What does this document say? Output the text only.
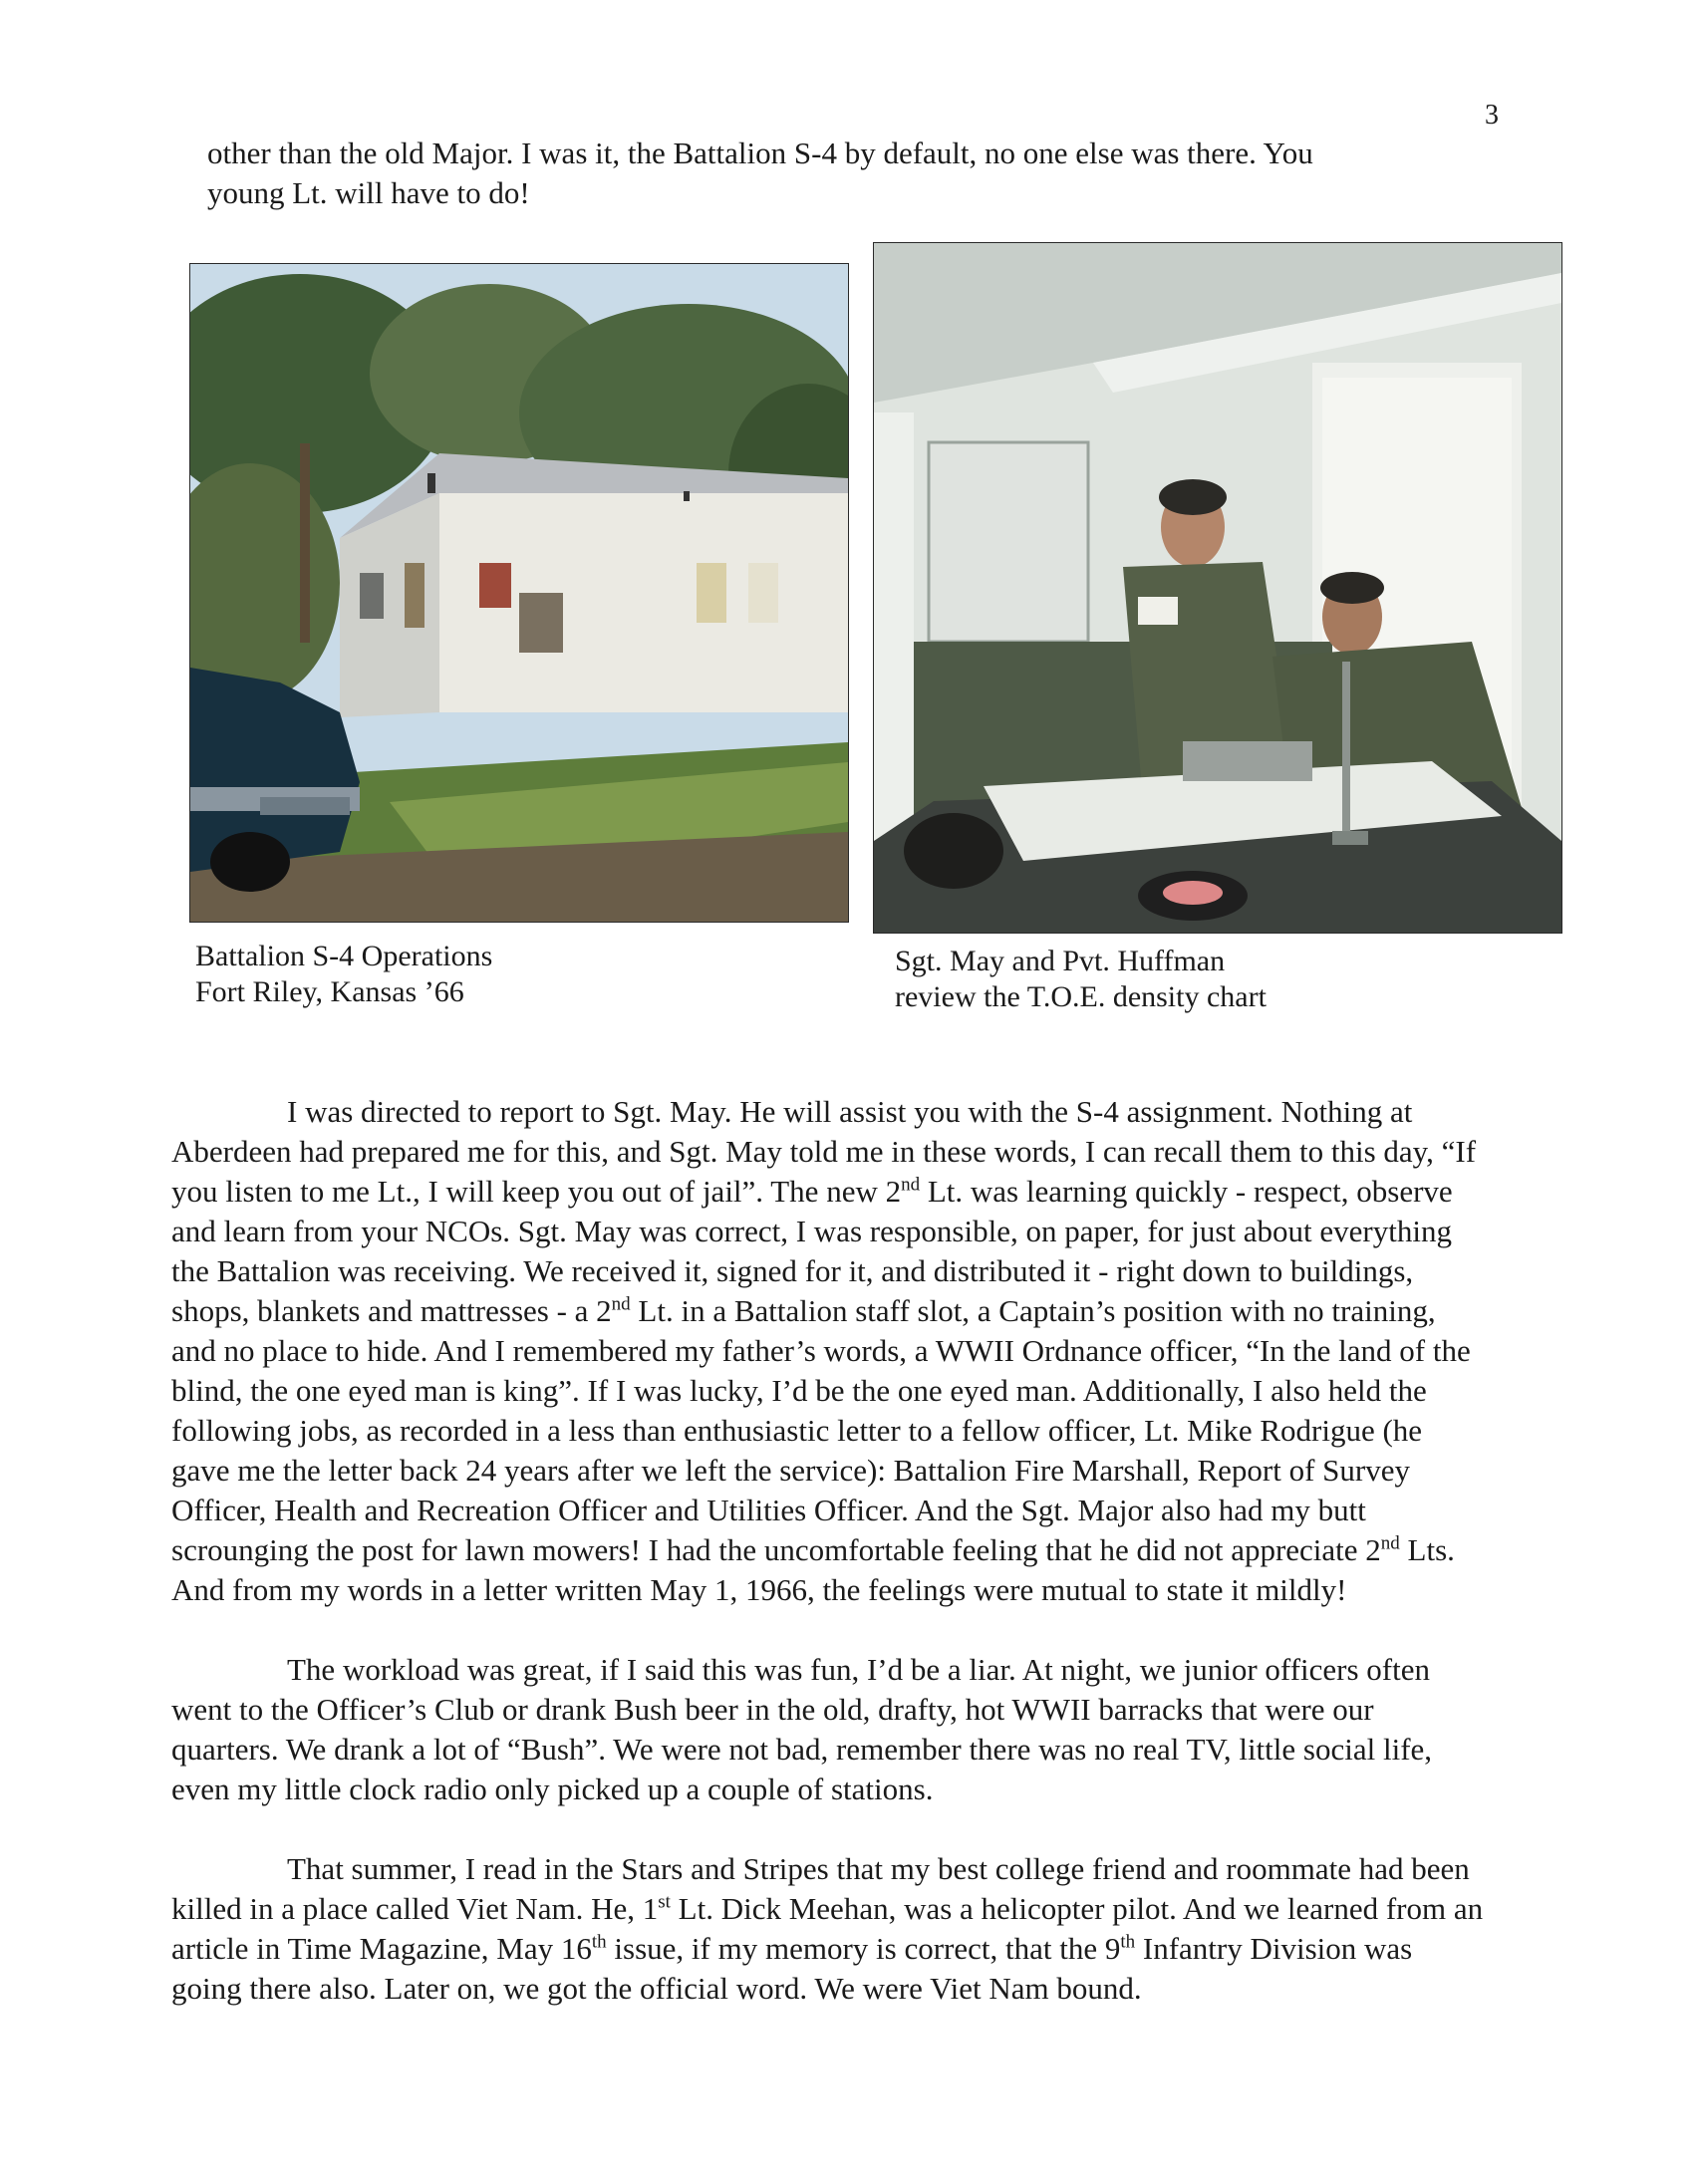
3

other than the old Major. I was it, the Battalion S-4 by default, no one else was there. You

young Lt. will have to do!

Battalion S-4 Operations
Fort Riley, Kansas ’66
Sgt. May and Pvt. Huffman
review the T.O.E. density chart

I was directed to report to Sgt. May. He will assist you with the S-4 assignment. Nothing at Aberdeen had prepared me for this, and Sgt. May told me in these words, I can recall them to this day, “If you listen to me Lt., I will keep you out of jail”. The new 2nd Lt. was learning quickly - respect, observe and learn from your NCOs. Sgt. May was correct, I was responsible, on paper, for just about everything the Battalion was receiving. We received it, signed for it, and distributed it - right down to buildings, shops, blankets and mattresses - a 2nd Lt. in a Battalion staff slot, a Captain’s position with no training, and no place to hide. And I remembered my father’s words, a WWII Ordnance officer, “In the land of the blind, the one eyed man is king”. If I was lucky, I’d be the one eyed man. Additionally, I also held the following jobs, as recorded in a less than enthusiastic letter to a fellow officer, Lt. Mike Rodrigue (he gave me the letter back 24 years after we left the service): Battalion Fire Marshall, Report of Survey Officer, Health and Recreation Officer and Utilities Officer. And the Sgt. Major also had my butt scrounging the post for lawn mowers! I had the uncomfortable feeling that he did not appreciate 2nd Lts. And from my words in a letter written May 1, 1966, the feelings were mutual to state it mildly!

The workload was great, if I said this was fun, I’d be a liar. At night, we junior officers often went to the Officer’s Club or drank Bush beer in the old, drafty, hot WWII barracks that were our quarters. We drank a lot of “Bush”. We were not bad, remember there was no real TV, little social life, even my little clock radio only picked up a couple of stations.

That summer, I read in the Stars and Stripes that my best college friend and roommate had been killed in a place called Viet Nam. He, 1st Lt. Dick Meehan, was a helicopter pilot. And we learned from an article in Time Magazine, May 16th issue, if my memory is correct, that the 9th Infantry Division was going there also. Later on, we got the official word. We were Viet Nam bound.
